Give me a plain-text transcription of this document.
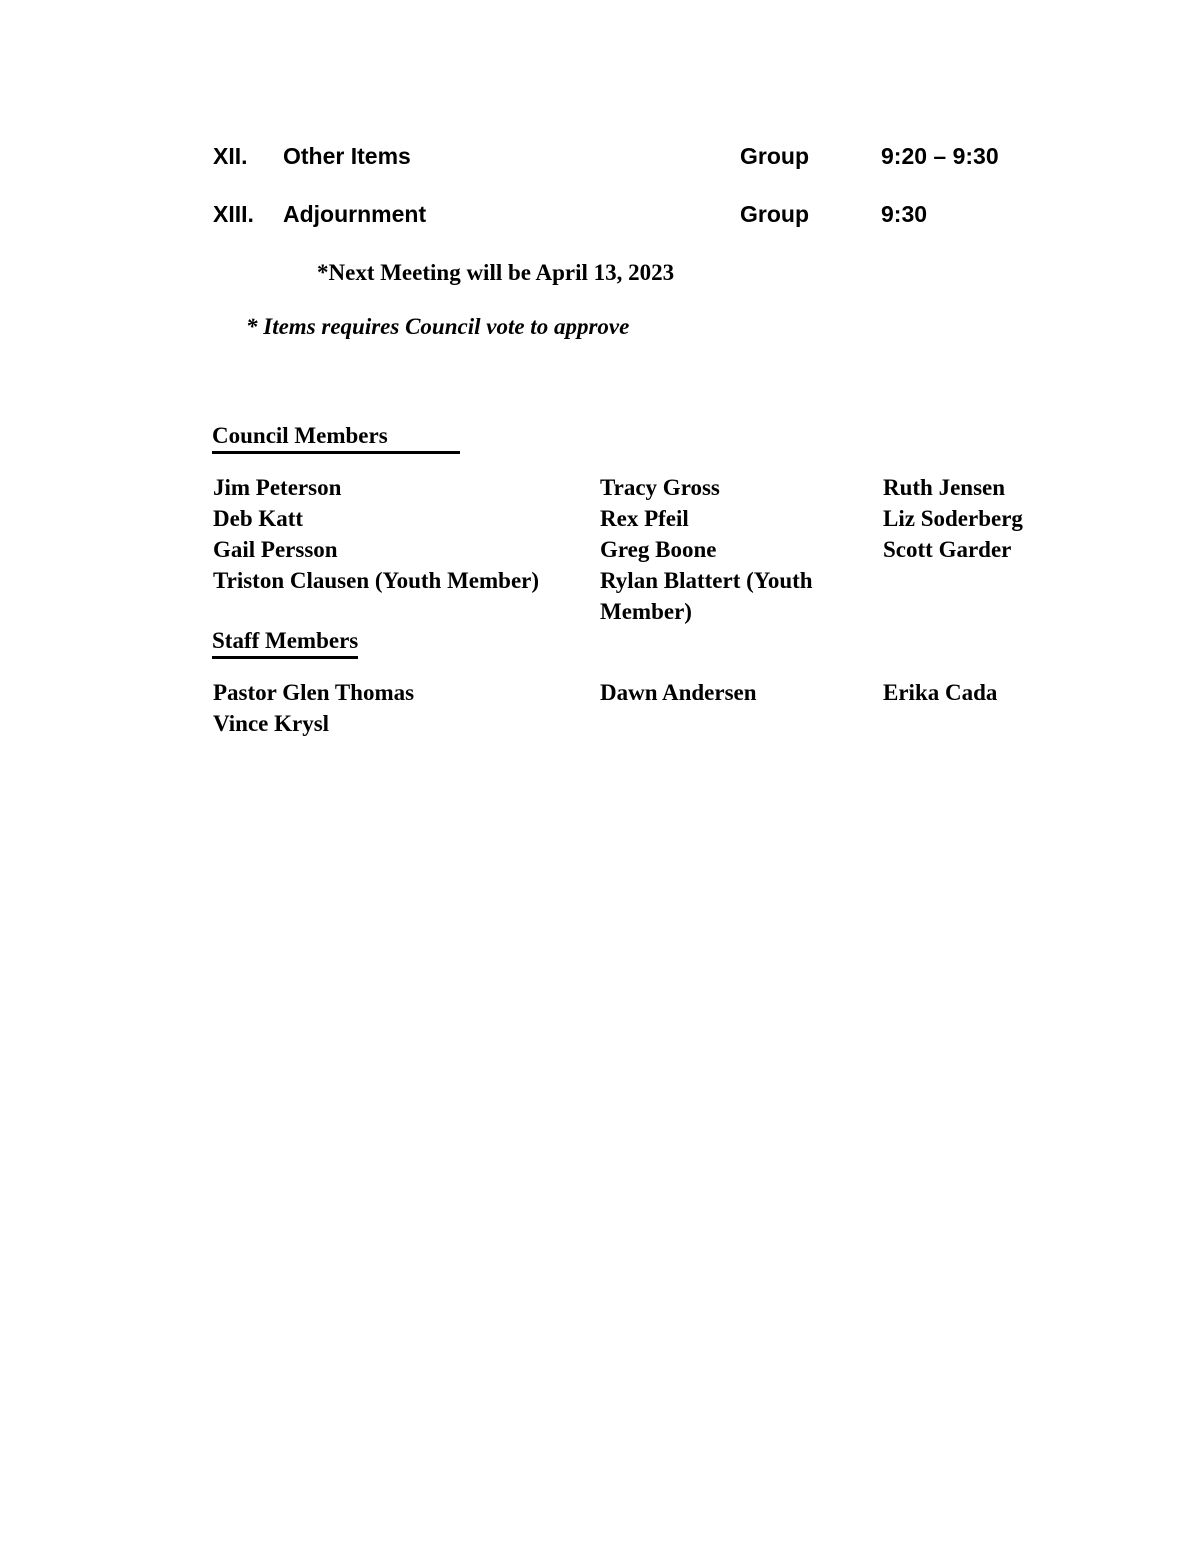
XII.	Other Items	Group	9:20 – 9:30
XIII.	Adjournment	Group	9:30
*Next Meeting will be April 13, 2023
* Items requires Council vote to approve
Council Members
Jim Peterson	Tracy Gross	Ruth Jensen
Deb Katt	Rex Pfeil	Liz Soderberg
Gail Persson	Greg Boone	Scott Garder
Triston Clausen (Youth Member)	Rylan Blattert (Youth Member)
Staff Members
Pastor Glen Thomas	Dawn Andersen	Erika Cada
Vince Krysl
